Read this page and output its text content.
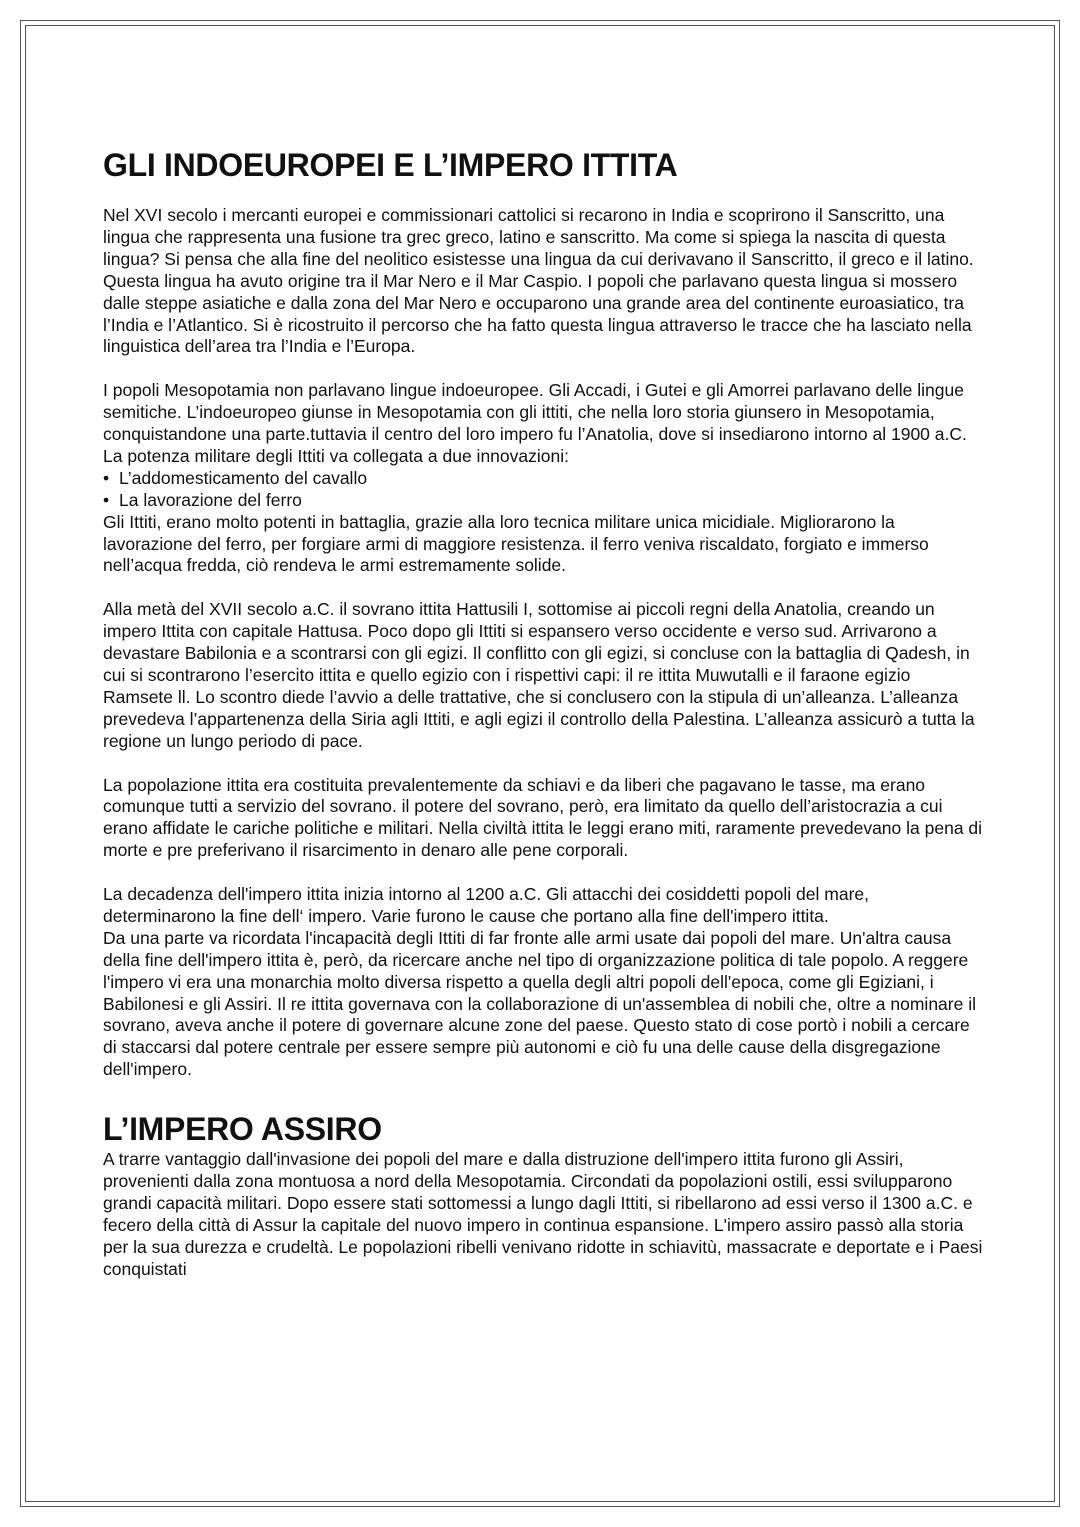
GLI INDOEUROPEI E L’IMPERO ITTITA

Nel XVI secolo i mercanti europei e commissionari cattolici si recarono in India e scoprirono il Sanscritto, una lingua che rappresenta una fusione tra grec greco, latino e sanscritto. Ma come si spiega la nascita di questa lingua? Si pensa che alla fine del neolitico esistesse una lingua da cui derivavano il Sanscritto, il greco e il latino. Questa lingua ha avuto origine tra il Mar Nero e il Mar Caspio. I popoli che parlavano questa lingua si mossero dalle steppe asiatiche e dalla zona del Mar Nero e occuparono una grande area del continente euroasiatico, tra l’India e l’Atlantico. Si è ricostruito il percorso che ha fatto questa lingua attraverso le tracce che ha lasciato nella linguistica dell’area tra l’India e l’Europa.

I popoli Mesopotamia non parlavano lingue indoeuropee. Gli Accadi, i Gutei e gli Amorrei parlavano delle lingue semitiche. L’indoeuropeo giunse in Mesopotamia con gli ittiti, che nella loro storia giunsero in Mesopotamia, conquistandone una parte.tuttavia il centro del loro impero fu l’Anatolia, dove si insediarono intorno al 1900 a.C.

La potenza militare degli Ittiti va collegata a due innovazioni:

• L’addomesticamento del cavallo
• La lavorazione del ferro

Gli Ittiti, erano molto potenti in battaglia, grazie alla loro tecnica militare unica micidiale. Migliorarono la lavorazione del ferro, per forgiare armi di maggiore resistenza. il ferro veniva riscaldato, forgiato e immerso nell’acqua fredda, ciò rendeva le armi estremamente solide.

Alla metà del XVII secolo a.C. il sovrano ittita Hattusili I, sottomise ai piccoli regni della Anatolia, creando un impero Ittita con capitale Hattusa. Poco dopo gli Ittiti si espansero verso occidente e verso sud. Arrivarono a devastare Babilonia e a scontrarsi con gli egizi. Il conflitto con gli egizi, si concluse con la battaglia di Qadesh, in cui si scontrarono l’esercito ittita e quello egizio con i rispettivi capi: il re ittita Muwutalli e il faraone egizio Ramsete ll. Lo scontro diede l’avvio a delle trattative, che si conclusero con la stipula di un’alleanza. L’alleanza prevedeva l’appartenenza della Siria agli Ittiti, e agli egizi il controllo della Palestina. L’alleanza assicurò a tutta la regione un lungo periodo di pace.

La popolazione ittita era costituita prevalentemente da schiavi e da liberi che pagavano le tasse, ma erano comunque tutti a servizio del sovrano. il potere del sovrano, però, era limitato da quello dell’aristocrazia a cui erano affidate le cariche politiche e militari. Nella civiltà ittita le leggi erano miti, raramente prevedevano la pena di morte e pre preferivano il risarcimento in denaro alle pene corporali.

La decadenza dell'impero ittita inizia intorno al 1200 a.C. Gli attacchi dei cosiddetti popoli del mare, determinarono la fine dell‘ impero. Varie furono le cause che portano alla fine dell'impero ittita.

Da una parte va ricordata l'incapacità degli Ittiti di far fronte alle armi usate dai popoli del mare. Un'altra causa della fine dell'impero ittita è, però, da ricercare anche nel tipo di organizzazione politica di tale popolo. A reggere l'impero vi era una monarchia molto diversa rispetto a quella degli altri popoli dell'epoca, come gli Egiziani, i Babilonesi e gli Assiri. Il re ittita governava con la collaborazione di un'assemblea di nobili che, oltre a nominare il sovrano, aveva anche il potere di governare alcune zone del paese. Questo stato di cose portò i nobili a cercare di staccarsi dal potere centrale per essere sempre più autonomi e ciò fu una delle cause della disgregazione dell'impero.

L’IMPERO ASSIRO

A trarre vantaggio dall'invasione dei popoli del mare e dalla distruzione dell'impero ittita furono gli Assiri, provenienti dalla zona montuosa a nord della Mesopotamia. Circondati da popolazioni ostili, essi svilupparono grandi capacità militari. Dopo essere stati sottomessi a lungo dagli Ittiti, si ribellarono ad essi verso il 1300 a.C. e fecero della città di Assur la capitale del nuovo impero in continua espansione. L'impero assiro passò alla storia per la sua durezza e crudeltà. Le popolazioni ribelli venivano ridotte in schiavitù, massacrate e deportate e i Paesi conquistati
